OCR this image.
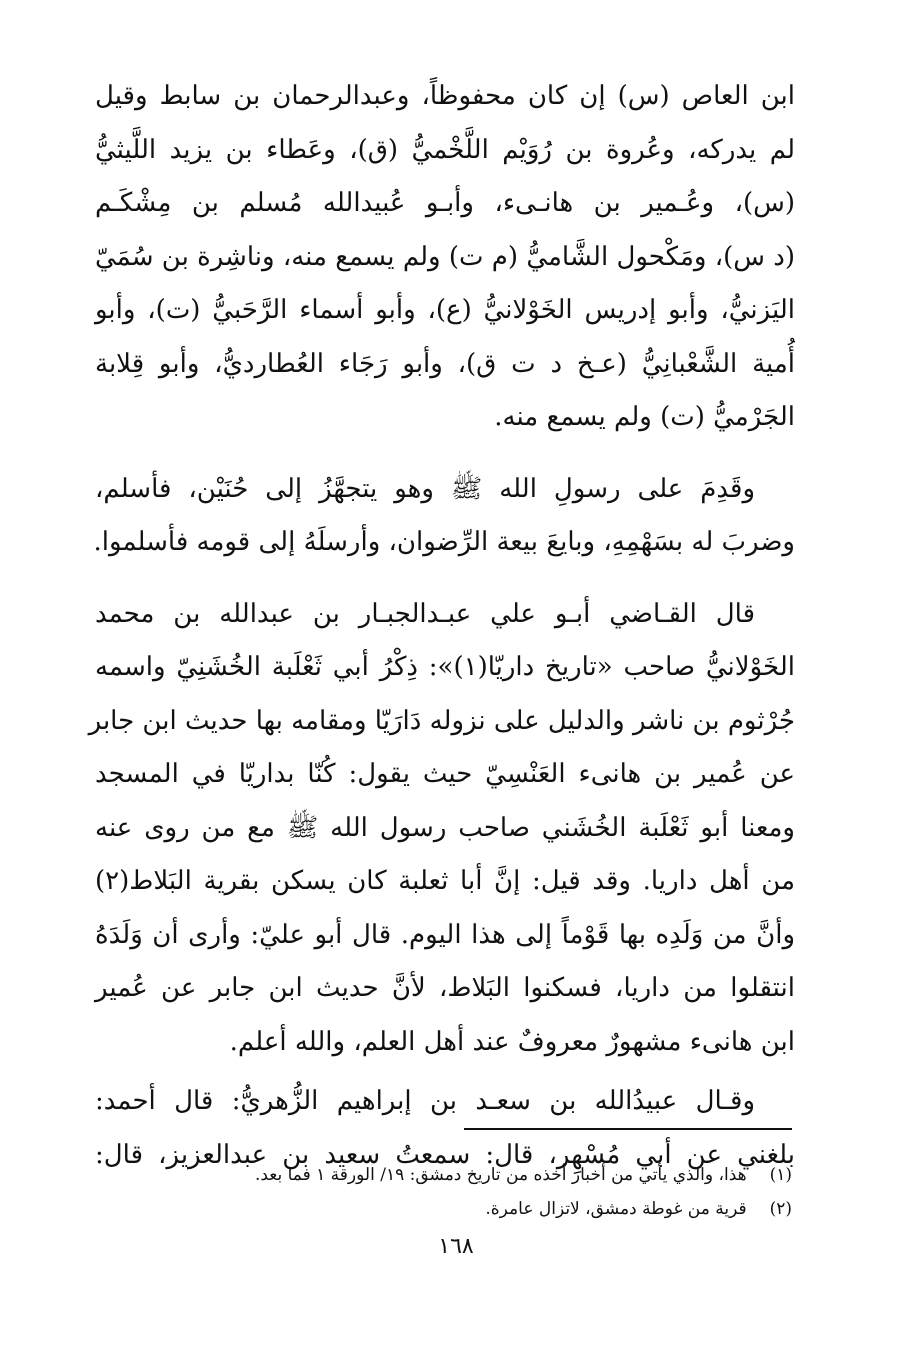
ابن العاص (س) إن كان محفوظاً، وعبدالرحمان بن سابط وقيل
لم يدركه، وعُروة بن رُوَيْم اللَّخْميُّ (ق)، وعَطاء بن يزيد اللَّيثيُّ
(س)، وعُـمير بن هانـىء، وأبـو عُبيدالله مُسلم بن مِشْكَـم
(د س)، ومَكْحول الشَّاميُّ (م ت) ولم يسمع منه، وناشِرة بن سُمَيّ
اليَزنيُّ، وأبو إدريس الخَوْلانيُّ (ع)، وأبو أسماء الرَّحَبيُّ (ت)، وأبو
أُمية الشَّعْبانِيُّ (عـخ د ت ق)، وأبو رَجَاء العُطارديُّ، وأبو قِلابة
الجَرْميُّ (ت) ولم يسمع منه.
وقَدِمَ على رسولِ الله ﷺ وهو يتجهَّزُ إلى حُنَيْن، فأسلم،
وضربَ له بسَهْمِهِ، وبايعَ بيعة الرِّضوان، وأرسلَهُ إلى قومه فأسلموا.
قال القـاضي أبـو علي عبـدالجبـار بن عبدالله بن محمد
الخَوْلانيُّ صاحب «تاريخ داريّا(١)»: ذِكْرُ أبي ثَعْلَبة الخُشَنِيّ واسمه
جُرْثوم بن ناشر والدليل على نزوله دَارَيّا ومقامه بها حديث ابن جابر
عن عُمير بن هانىء العَنْسِيّ حيث يقول: كُنّا بداريّا في المسجد
ومعنا أبو ثَعْلَبة الخُشَني صاحب رسول الله ﷺ مع من روى عنه
من أهل داريا. وقد قيل: إنَّ أبا ثعلبة كان يسكن بقرية البَلاط(٢)
وأنَّ من وَلَدِه بها قَوْماً إلى هذا اليوم. قال أبو عليّ: وأرى أن وَلَدَهُ
انتقلوا من داريا، فسكنوا البَلاط، لأنَّ حديث ابن جابر عن عُمير
ابن هانىء مشهورٌ معروفٌ عند أهل العلم، والله أعلم.
وقـال عبيدُالله بن سعـد بن إبراهيم الزُّهريُّ: قال أحمد:
بلغني عن أبي مُسْهِر، قال: سمعتُ سعيد بن عبدالعزيز، قال:
(١) هذا، والذي يأتي من أخبار أخذه من تاريخ دمشق: ١٩/ الورقة ١ فما بعد.
(٢) قرية من غوطة دمشق، لاتزال عامرة.
١٦٨
